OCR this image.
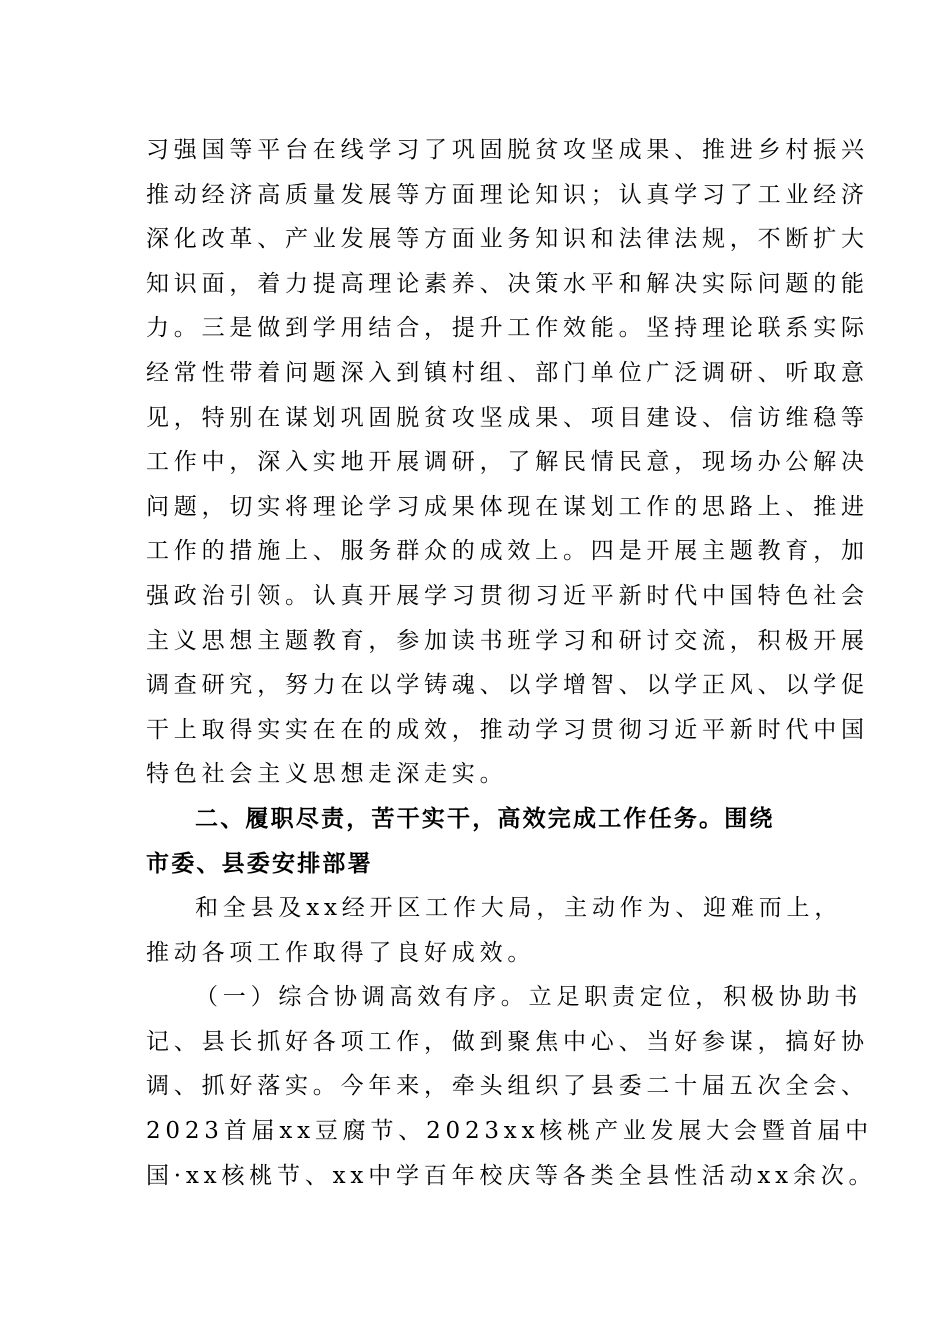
习强国等平台在线学习了巩固脱贫攻坚成果、推进乡村振兴
推动经济高质量发展等方面理论知识；认真学习了工业经济
深化改革、产业发展等方面业务知识和法律法规，不断扩大
知识面，着力提高理论素养、决策水平和解决实际问题的能
力。三是做到学用结合，提升工作效能。坚持理论联系实际
经常性带着问题深入到镇村组、部门单位广泛调研、听取意
见，特别在谋划巩固脱贫攻坚成果、项目建设、信访维稳等
工作中，深入实地开展调研，了解民情民意，现场办公解决
问题，切实将理论学习成果体现在谋划工作的思路上、推进
工作的措施上、服务群众的成效上。四是开展主题教育，加
强政治引领。认真开展学习贯彻习近平新时代中国特色社会
主义思想主题教育，参加读书班学习和研讨交流，积极开展
调查研究，努力在以学铸魂、以学增智、以学正风、以学促
干上取得实实在在的成效，推动学习贯彻习近平新时代中国
特色社会主义思想走深走实。
二、履职尽责，苦干实干，高效完成工作任务。围绕
市委、县委安排部署
和全县及xx经开区工作大局，主动作为、迎难而上，
推动各项工作取得了良好成效。
（一）综合协调高效有序。立足职责定位，积极协助书
记、县长抓好各项工作，做到聚焦中心、当好参谋，搞好协
调、抓好落实。今年来，牵头组织了县委二十届五次全会、
2023首届xx豆腐节、2023xx核桃产业发展大会暨首届中
国·xx核桃节、xx中学百年校庆等各类全县性活动xx余次。
